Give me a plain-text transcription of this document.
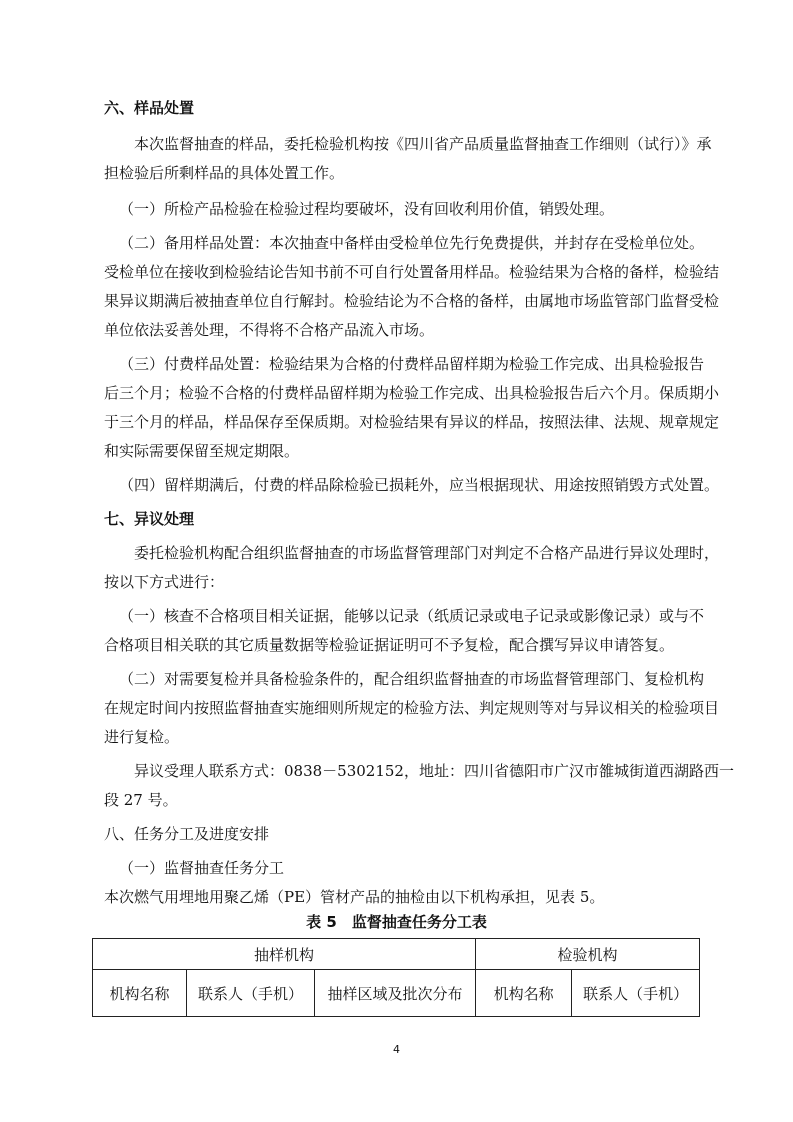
六、样品处置

本次监督抽查的样品，委托检验机构按《四川省产品质量监督抽查工作细则（试行）》承

担检验后所剩样品的具体处置工作。

（一）所检产品检验在检验过程均要破坏，没有回收利用价值，销毁处理。

（二）备用样品处置：本次抽查中备样由受检单位先行免费提供，并封存在受检单位处。

受检单位在接收到检验结论告知书前不可自行处置备用样品。检验结果为合格的备样，检验结

果异议期满后被抽查单位自行解封。检验结论为不合格的备样，由属地市场监管部门监督受检

单位依法妥善处理，不得将不合格产品流入市场。

（三）付费样品处置：检验结果为合格的付费样品留样期为检验工作完成、出具检验报告

后三个月；检验不合格的付费样品留样期为检验工作完成、出具检验报告后六个月。保质期小

于三个月的样品，样品保存至保质期。对检验结果有异议的样品，按照法律、法规、规章规定

和实际需要保留至规定期限。

（四）留样期满后，付费的样品除检验已损耗外，应当根据现状、用途按照销毁方式处置。

七、异议处理

委托检验机构配合组织监督抽查的市场监督管理部门对判定不合格产品进行异议处理时，

按以下方式进行：

（一）核查不合格项目相关证据，能够以记录（纸质记录或电子记录或影像记录）或与不

合格项目相关联的其它质量数据等检验证据证明可不予复检，配合撰写异议申请答复。

（二）对需要复检并具备检验条件的，配合组织监督抽查的市场监督管理部门、复检机构

在规定时间内按照监督抽查实施细则所规定的检验方法、判定规则等对与异议相关的检验项目

进行复检。

异议受理人联系方式：0838－5302152，地址：四川省德阳市广汉市雒城街道西湖路西一

段 27 号。

八、任务分工及进度安排

（一）监督抽查任务分工

本次燃气用埋地用聚乙烯（PE）管材产品的抽检由以下机构承担，见表 5。

表 5　监督抽查任务分工表
抽样机构			检验机构	
机构名称	联系人（手机）	抽样区域及批次分布	机构名称	联系人（手机）
4
